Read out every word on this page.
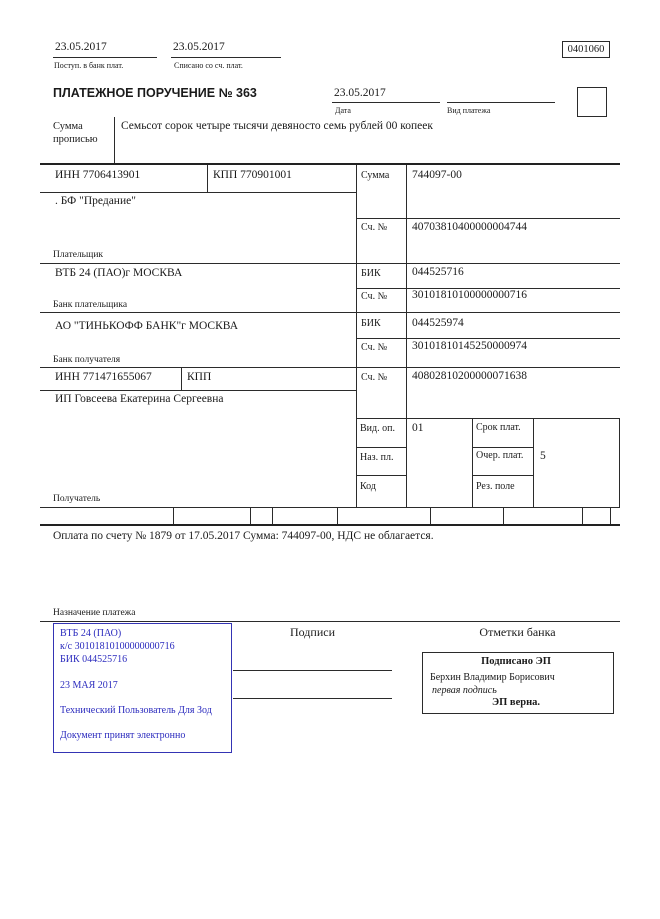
23.05.2017
Поступ. в банк плат.
23.05.2017
Списано со сч. плат.
0401060
ПЛАТЕЖНОЕ ПОРУЧЕНИЕ № 363	23.05.2017
Дата	Вид платежа
Сумма прописью
Семьсот сорок четыре тысячи девяносто семь рублей 00 копеек
ИНН 7706413901	КПП 770901001	Сумма 744097-00
. БФ "Предание"
Сч. № 40703810400000004744
Плательщик
ВТБ 24 (ПАО)г МОСКВА	БИК	044525716
Сч. № 30101810100000000716
Банк плательщика
АО "ТИНЬКОФФ БАНК"г МОСКВА	БИК	044525974
Сч. № 30101810145250000974
Банк получателя
ИНН 771471655067	КПП	Сч. № 40802810200000071638
ИП Говсеева Екатерина Сергеевна
Получатель
Вид. оп. 01	Срок плат.
Наз. пл.	Очер. плат.	5
Код	Рез. поле
Оплата по счету № 1879 от 17.05.2017 Сумма: 744097-00, НДС не облагается.
Назначение платежа
ВТБ 24 (ПАО)
к/с 30101810100000000716
БИК 044525716
23 МАЯ 2017
Технический Пользователь Для Зод
Документ принят электронно
Подписи	Отметки банка
Подписано ЭП
Берхин Владимир Борисович
первая подпись
ЭП верна.
